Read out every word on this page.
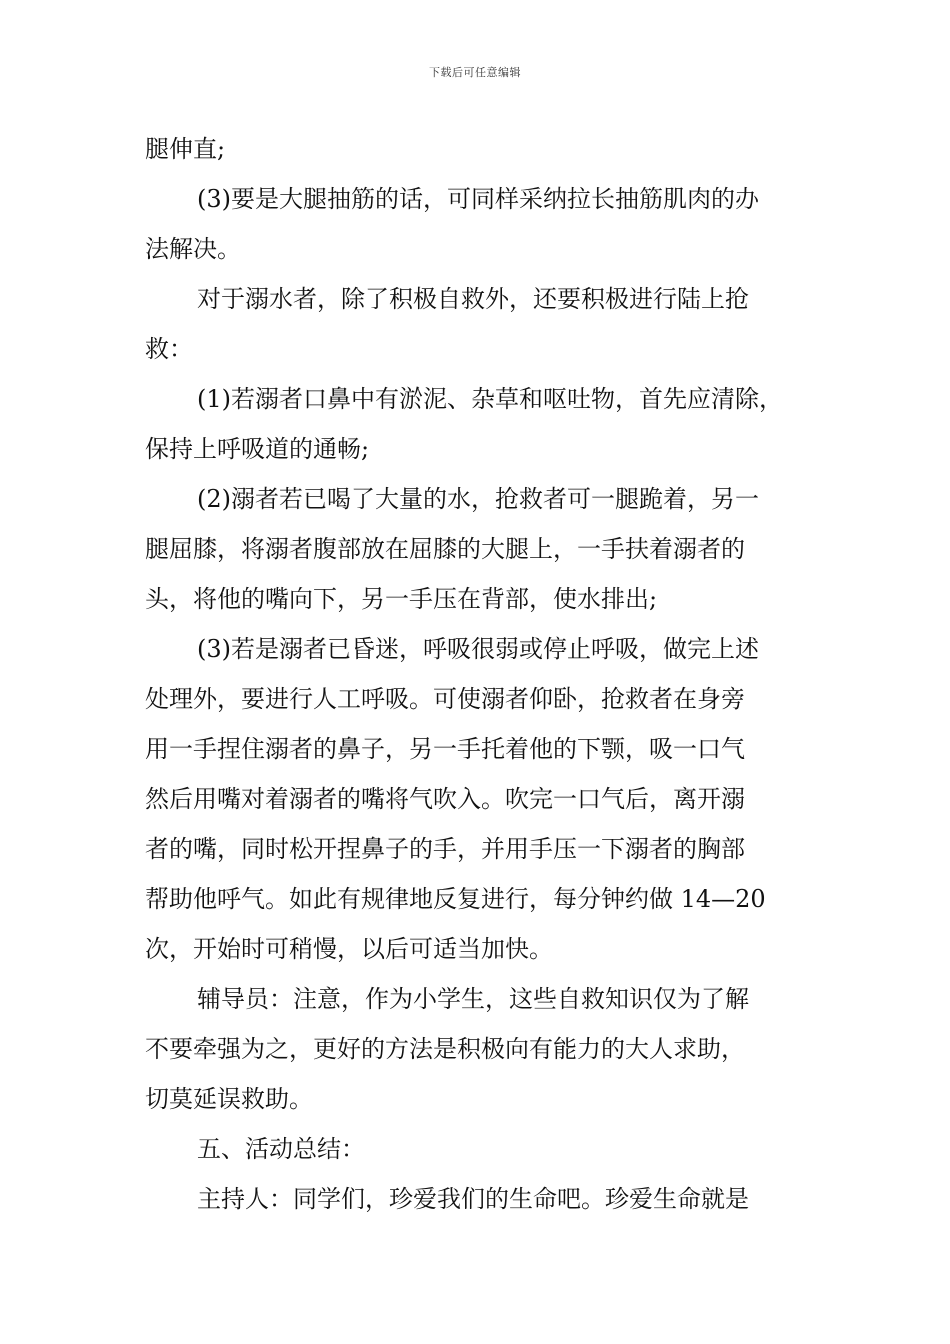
下载后可任意编辑
腿伸直;
(3)要是大腿抽筋的话，可同样采纳拉长抽筋肌肉的办
法解决。
对于溺水者，除了积极自救外，还要积极进行陆上抢
救：
(1)若溺者口鼻中有淤泥、杂草和呕吐物，首先应清除，
保持上呼吸道的通畅;
(2)溺者若已喝了大量的水，抢救者可一腿跪着，另一
腿屈膝，将溺者腹部放在屈膝的大腿上，一手扶着溺者的
头，将他的嘴向下，另一手压在背部，使水排出;
(3)若是溺者已昏迷，呼吸很弱或停止呼吸，做完上述
处理外，要进行人工呼吸。可使溺者仰卧，抢救者在身旁
用一手捏住溺者的鼻子，另一手托着他的下颚，吸一口气
然后用嘴对着溺者的嘴将气吹入。吹完一口气后，离开溺
者的嘴，同时松开捏鼻子的手，并用手压一下溺者的胸部
帮助他呼气。如此有规律地反复进行，每分钟约做 14—20
次，开始时可稍慢，以后可适当加快。
辅导员：注意，作为小学生，这些自救知识仅为了解
不要牵强为之，更好的方法是积极向有能力的大人求助，
切莫延误救助。
五、活动总结：
主持人：同学们，珍爱我们的生命吧。珍爱生命就是
